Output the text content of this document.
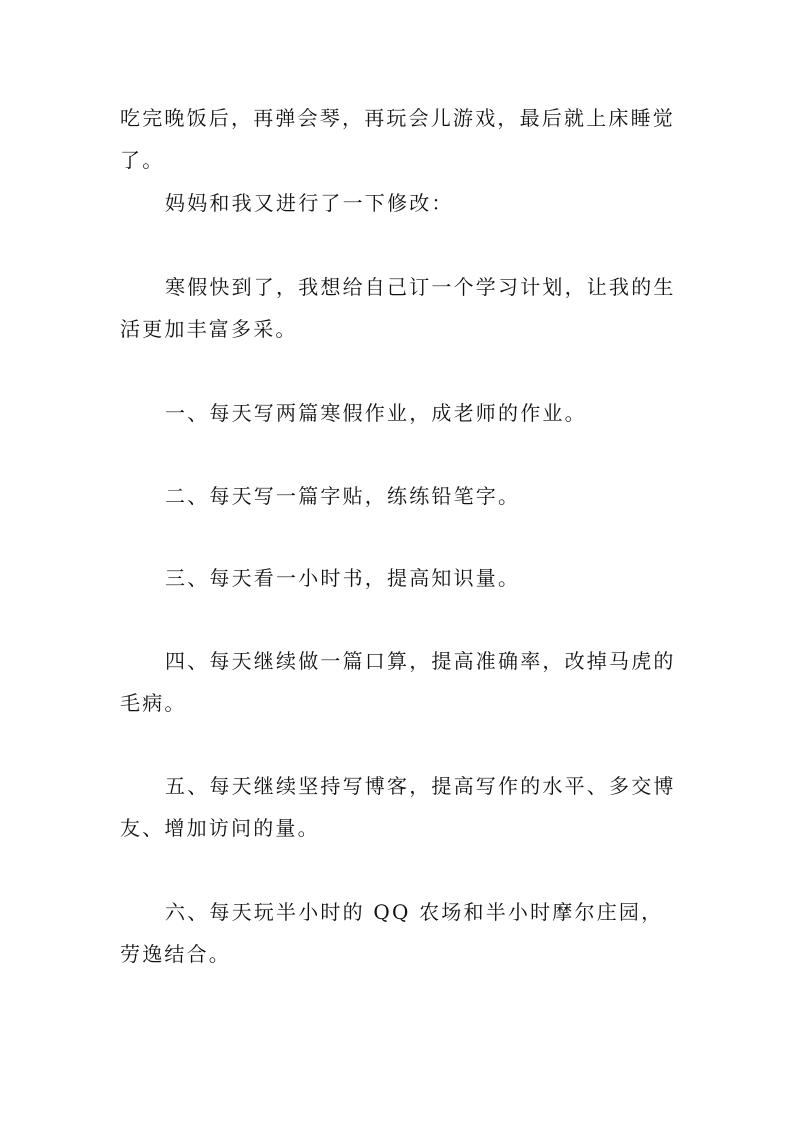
吃完晚饭后，再弹会琴，再玩会儿游戏，最后就上床睡觉了。

妈妈和我又进行了一下修改：

寒假快到了，我想给自己订一个学习计划，让我的生活更加丰富多采。

一、每天写两篇寒假作业，成老师的作业。

二、每天写一篇字贴，练练铅笔字。

三、每天看一小时书，提高知识量。

四、每天继续做一篇口算，提高准确率，改掉马虎的毛病。

五、每天继续坚持写博客，提高写作的水平、多交博友、增加访问的量。

六、每天玩半小时的 QQ 农场和半小时摩尔庄园，劳逸结合。
